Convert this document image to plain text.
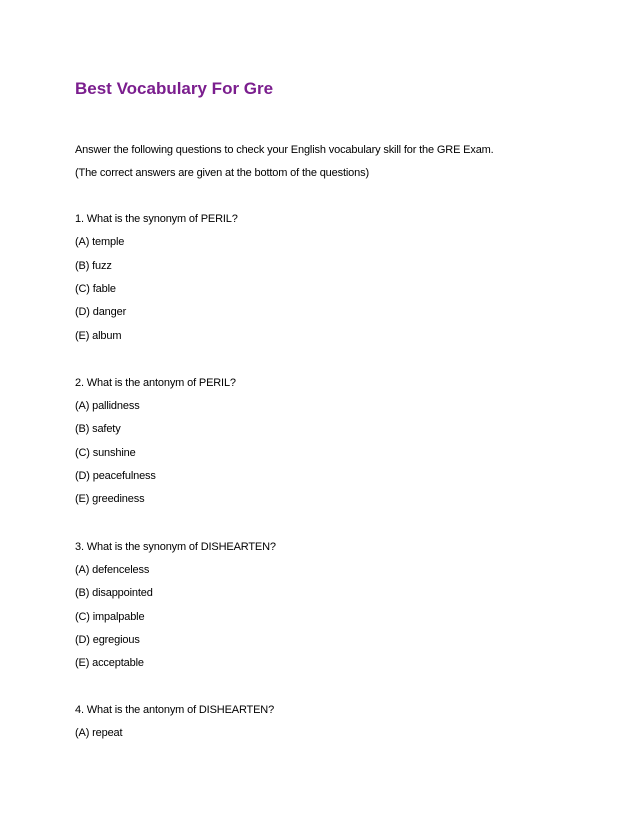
Best Vocabulary For Gre

Answer the following questions to check your English vocabulary skill for the GRE Exam.

(The correct answers are given at the bottom of the questions)

1. What is the synonym of PERIL?

(A) temple

(B) fuzz

(C) fable

(D) danger

(E) album

2. What is the antonym of PERIL?

(A) pallidness

(B) safety

(C) sunshine

(D) peacefulness

(E) greediness

3. What is the synonym of DISHEARTEN?

(A) defenceless

(B) disappointed

(C) impalpable

(D) egregious

(E) acceptable

4. What is the antonym of DISHEARTEN?

(A) repeat
